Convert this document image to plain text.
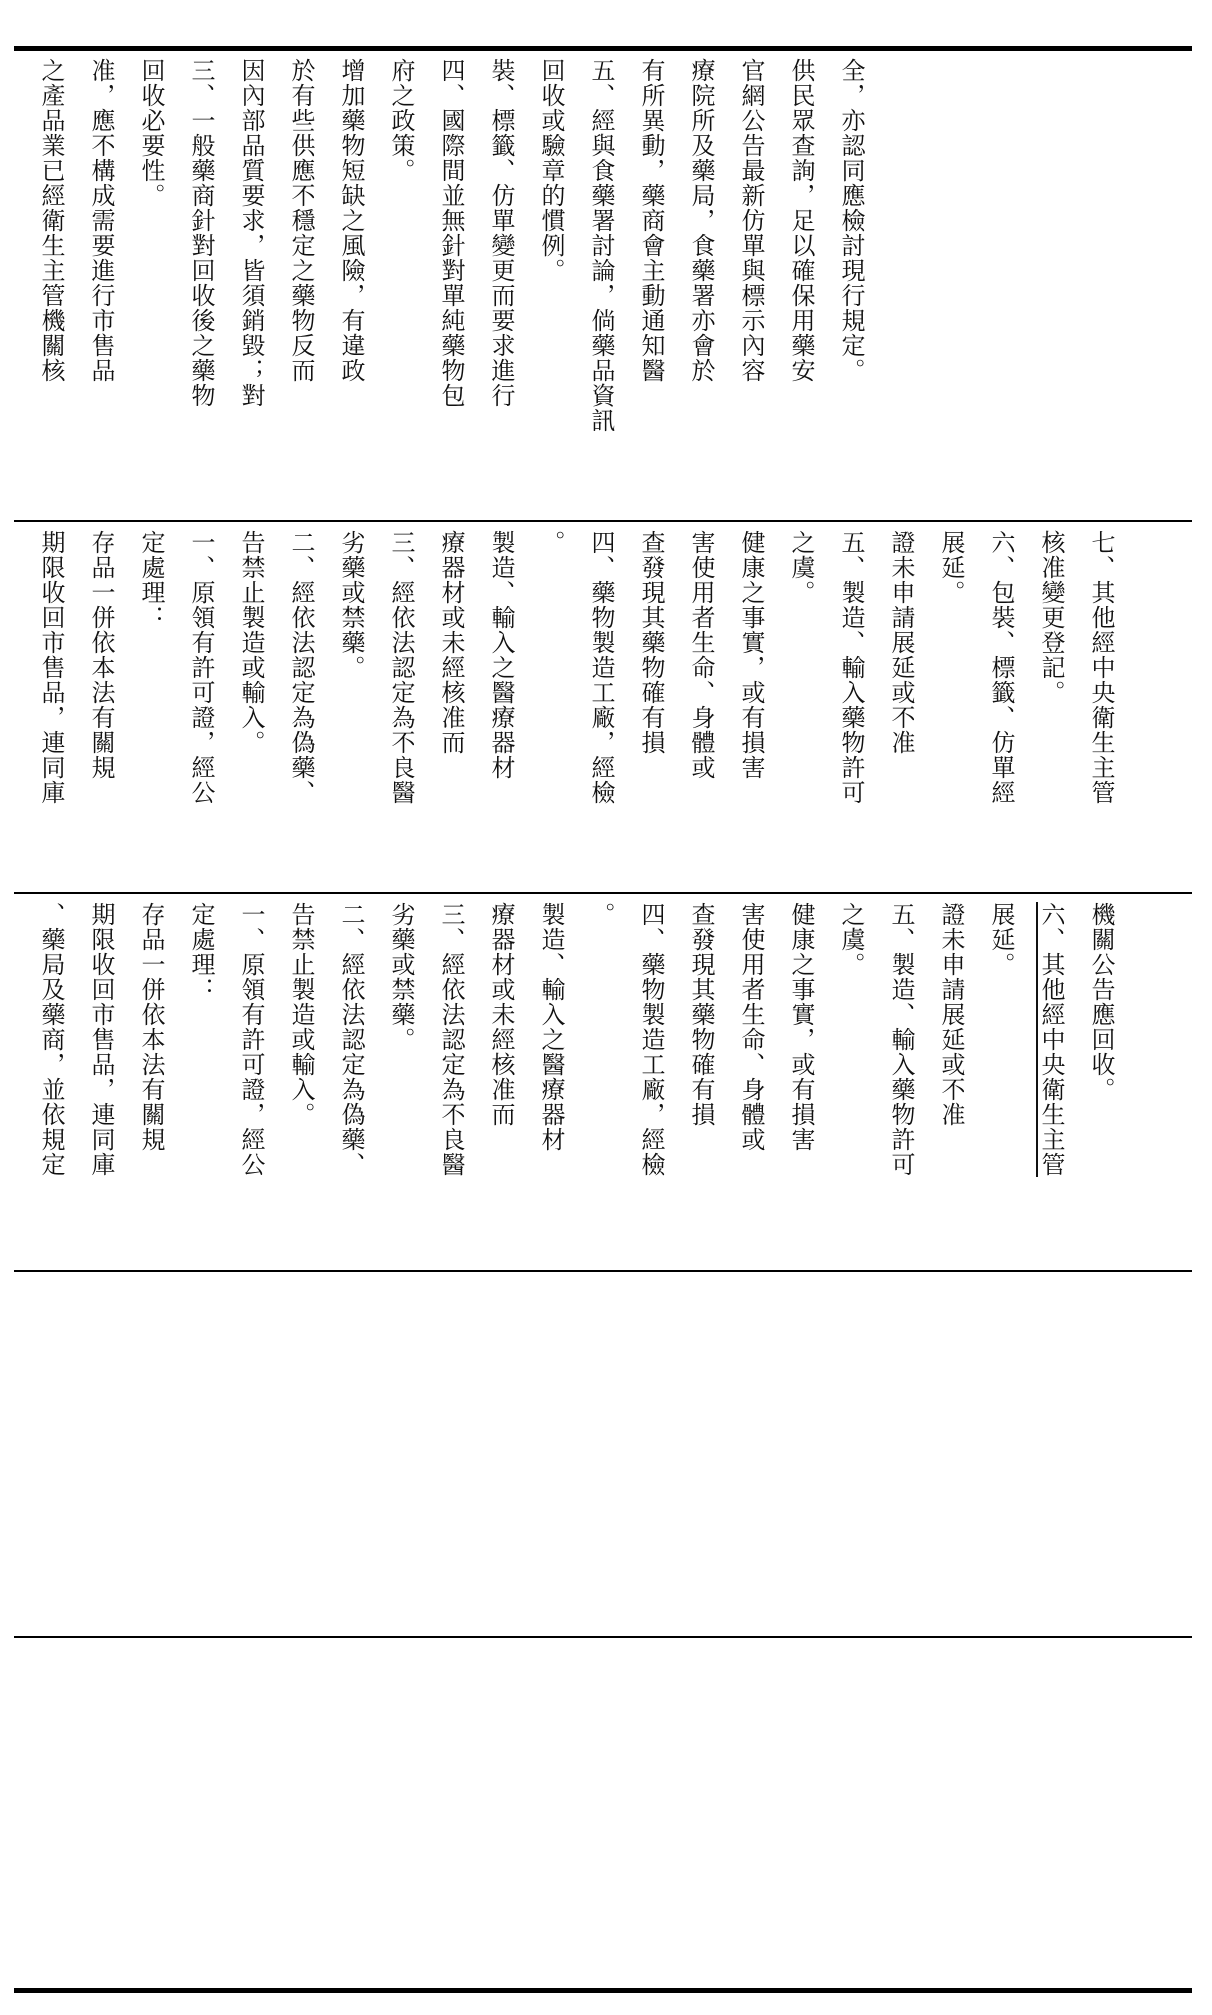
之產品業已經衛生主管機關核 准，應不構成需要進行市售品 回收必要性。 三、一般藥商針對回收後之藥物 因內部品質要求，皆須銷毀；對 於有些供應不穩定之藥物反而 增加藥物短缺之風險，有違政 府之政策。 四、國際間並無針對單純藥物包 裝、標籤、仿單變更而要求進行 回收或驗章的慣例。 五、經與食藥署討論，倘藥品資訊 有所異動，藥商會主動通知醫 療院所及藥局，食藥署亦會於 官網公告最新仿單與標示內容 供民眾查詢，足以確保用藥安 全，亦認同應檢討現行規定。
期限收回市售品，連同庫 存品一併依本法有關規 定處理： 一、原領有許可證，經公 告禁止製造或輸入。 二、經依法認定為偽藥、 劣藥或禁藥。 三、經依法認定為不良醫 療器材或未經核准而 製造、輸入之醫療器材 。 四、藥物製造工廠，經檢 查發現其藥物確有損 害使用者生命、身體或 健康之事實，或有損害 之虞。 五、製造、輸入藥物許可 證未申請展延或不准 展延。 六、包裝、標籤、仿單經 核准變更登記。 七、其他經中央衛生主管
、藥局及藥商，並依規定 期限收回市售品，連同庫 存品一併依本法有關規 定處理： 一、原領有許可證，經公 告禁止製造或輸入。 二、經依法認定為偽藥、 劣藥或禁藥。 三、經依法認定為不良醫 療器材或未經核准而 製造、輸入之醫療器材 。 四、藥物製造工廠，經檢 查發現其藥物確有損 害使用者生命、身體或 健康之事實，或有損害 之虞。 五、製造、輸入藥物許可 證未申請展延或不准 展延。 六、其他經中央衛生主管 機關公告應回收。
